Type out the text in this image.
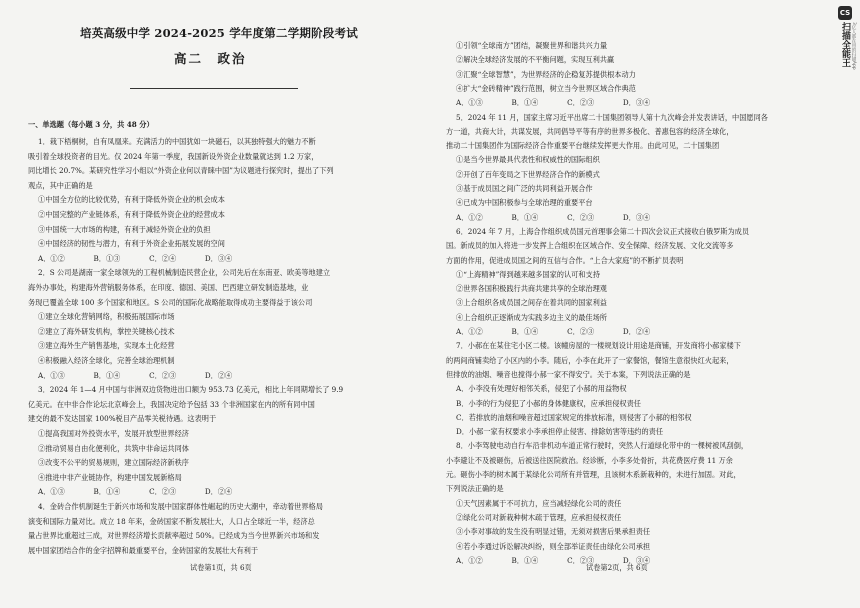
培英高级中学 2024-2025 学年度第二学期阶段考试
高二　政治
一、单选题（每小题 3 分，共 48 分）
1．栽下梧桐树，自有凤凰来。充满活力的中国犹如一块磁石，以其独特强大的魅力不断
吸引着全球投资者的目光。仅 2024 年第一季度，我国新设外资企业数量就达到 1.2 万家，
同比增长 20.7%。某研究性学习小组以“外资企业何以青睐中国”为议题进行探究时，提出了下列
观点，其中正确的是
①中国全方位的比较优势，有利于降低外资企业的机会成本
②中国完整的产业链体系，有利于降低外资企业的经营成本
③中国统一大市场的构建，有利于减轻外资企业的负担
④中国经济的韧性与潜力，有利于外资企业拓展发展的空间
A．①②　　　　B．①③　　　　C．②④　　　　D．③④
2．S 公司是湖南一家全球领先的工程机械制造民营企业，公司先后在东南亚、欧美等地建立
海外办事处，构建海外营销服务体系，在印度、德国、美国、巴西建立研发制造基地，业
务现已覆盖全球 100 多个国家和地区。S 公司的国际化战略能取得成功主要得益于该公司
①建立全球化营销网络，积极拓展国际市场
②建立了海外研发机构，掌控关键核心技术
③建立海外生产销售基地，实现本土化经营
④积极融入经济全球化，完善全球治理机制
A．①③　　　　B．①④　　　　C．②③　　　　D．②④
3．2024 年 1—4 月中国与非洲双边货物进出口额为 953.73 亿美元，相比上年同期增长了 9.9
亿美元。在中非合作论坛北京峰会上，我国决定给予包括 33 个非洲国家在内的所有同中国
建交的最不发达国家 100%税目产品零关税待遇。这表明于
①提高我国对外投资水平，发展开放型世界经济
②推动贸易自由化便利化，共筑中非命运共同体
③改变不公平的贸易规则，建立国际经济新秩序
④推进中非产业链协作，构建中国发展新格局
A．①③　　　　B．①④　　　　C．②③　　　　D．②④
4．金砖合作机制诞生于新兴市场和发展中国家群体性崛起的历史大潮中，牵动着世界格局
演变和国际力量对比。成立 18 年来，金砖国家不断发展壮大，人口占全球近一半，经济总
量占世界比重超过三成，对世界经济增长贡献率超过 50%。已经成为当今世界新兴市场和发
展中国家团结合作的金字招牌和最重要平台，金砖国家的发展壮大有利于
试卷第1页，共 6页
①引领“全球南方”团结，凝聚世界和谐共兴力量
②解决全球经济发展的不平衡问题，实现互利共赢
③汇聚“全球智慧”，为世界经济的企稳复苏提供根本动力
④扩大“金砖精神”践行范围，树立当今世界区域合作典范
A．①③　　　　B．①④　　　　C．②③　　　　D．③④
5．2024 年 11 月，国家主席习近平出席二十国集团领导人第十九次峰会并发表讲话，中国愿同各
方一道，共商大计，共谋发展，共同倡导平等有序的世界多极化、普惠包容的经济全球化，
推动二十国集团作为国际经济合作重要平台继续发挥更大作用。由此可见，二十国集团
①是当今世界最具代表性和权威性的国际组织
②开创了百年变局之下世界经济合作的新模式
③基于成员国之间广泛的共同利益开展合作
④已成为中国积极参与全球治理的重要平台
A．①②　　　　B．①④　　　　C．②③　　　　D．③④
6．2024 年 7 月，上海合作组织成员国元首理事会第二十四次会议正式接收白俄罗斯为成员
国。新成员的加入将进一步发挥上合组织在区域合作、安全保障、经济发展、文化交流等多
方面的作用，促进成员国之间的互信与合作。“上合大家庭”的不断扩员表明
①“上海精神”得到越来越多国家的认可和支持
②世界各国积极践行共商共建共享的全球治理观
③上合组织各成员国之间存在着共同的国家利益
④上合组织正逐渐成为实践多边主义的最佳场所
A．①②　　　　B．①④　　　　C．②③　　　　D．②④
7．小郝在在某住宅小区二楼。该幢房屋的一楼规划设计用途是商铺，开发商将小郝家楼下
的两间商铺卖给了小区内的小李。随后，小李在此开了一家餐馆，餐馆生意很快红火起来，
但排放的油烟、噪音也搅得小郝一家不得安宁。关于本案，下列说法正确的是
A．小李没有处理好相邻关系，侵犯了小郝的用益物权
B．小李的行为侵犯了小郝的身体健康权，应承担侵权责任
C．若排放的油烟和噪音超过国家规定的排放标准，则侵害了小郝的相邻权
D．小郝一家有权要求小李承担停止侵害、排除妨害等违约的责任
8．小李驾驶电动自行车沿非机动车道正常行驶时，突然人行道绿化带中的一棵树被风刮倒，
小李避让不及被砸伤，后被送往医院救治。经诊断，小李多处骨折，共花费医疗费 11 万余
元。砸伤小李的树木属于某绿化公司所有并管理，且该树木系新栽种的，未进行加固。对此，
下列说法正确的是
①天气因素属于不可抗力，应当减轻绿化公司的责任
②绿化公司对新栽种树木疏于管理，应承担侵权责任
③小李对事故的发生没有明显过错，无须对损害后果承担责任
④若小李通过诉讼解决纠纷，则全部举证责任由绿化公司承担
A．①②　　　　B．①④　　　　C．②③　　　　D．③④
试卷第2页，共 6页
CS
扫描全能王 3亿人都在用的扫描App
